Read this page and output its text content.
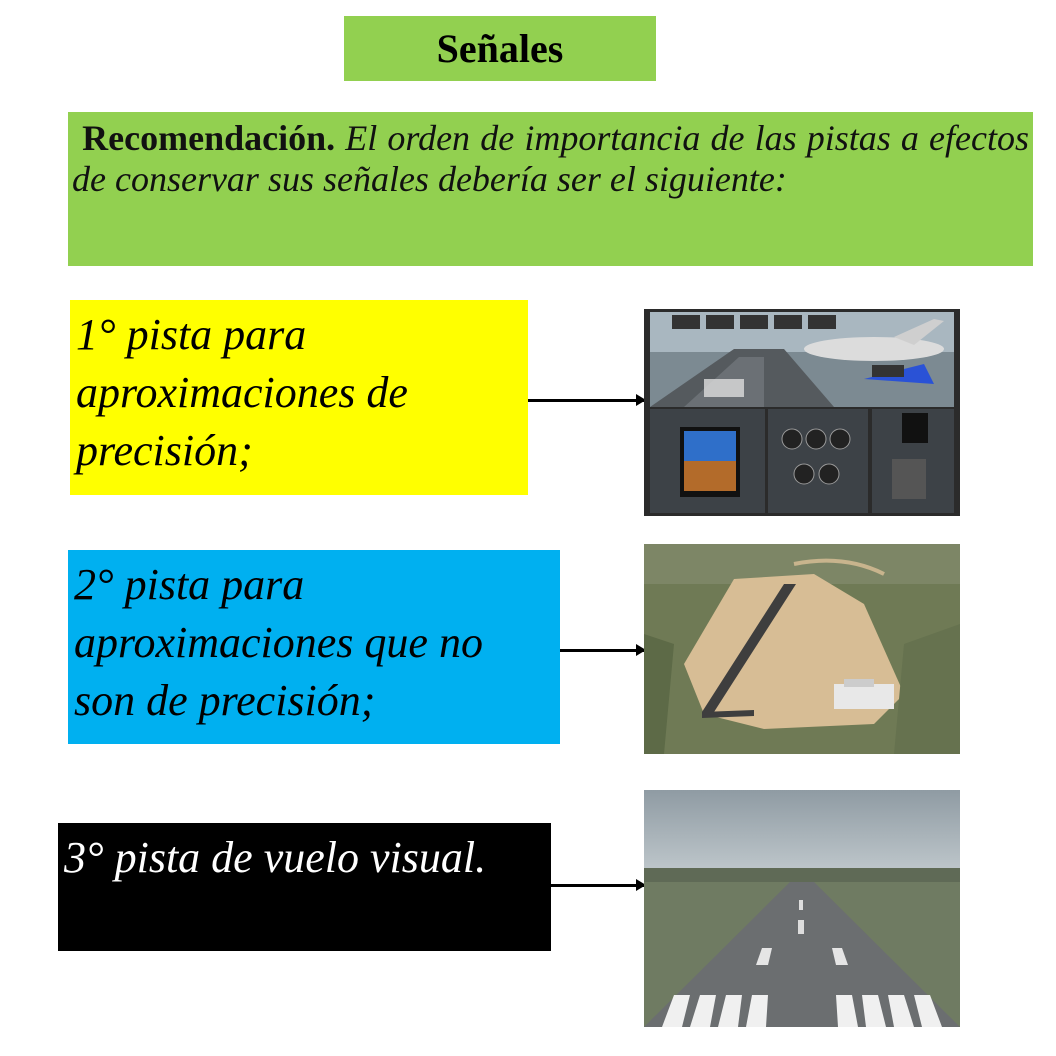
Señales
Recomendación. El orden de importancia de las pistas a efectos de conservar sus señales debería ser el siguiente:
1° pista para aproximaciones de precisión;
2° pista para aproximaciones que no son de precisión;
3° pista de vuelo visual.
